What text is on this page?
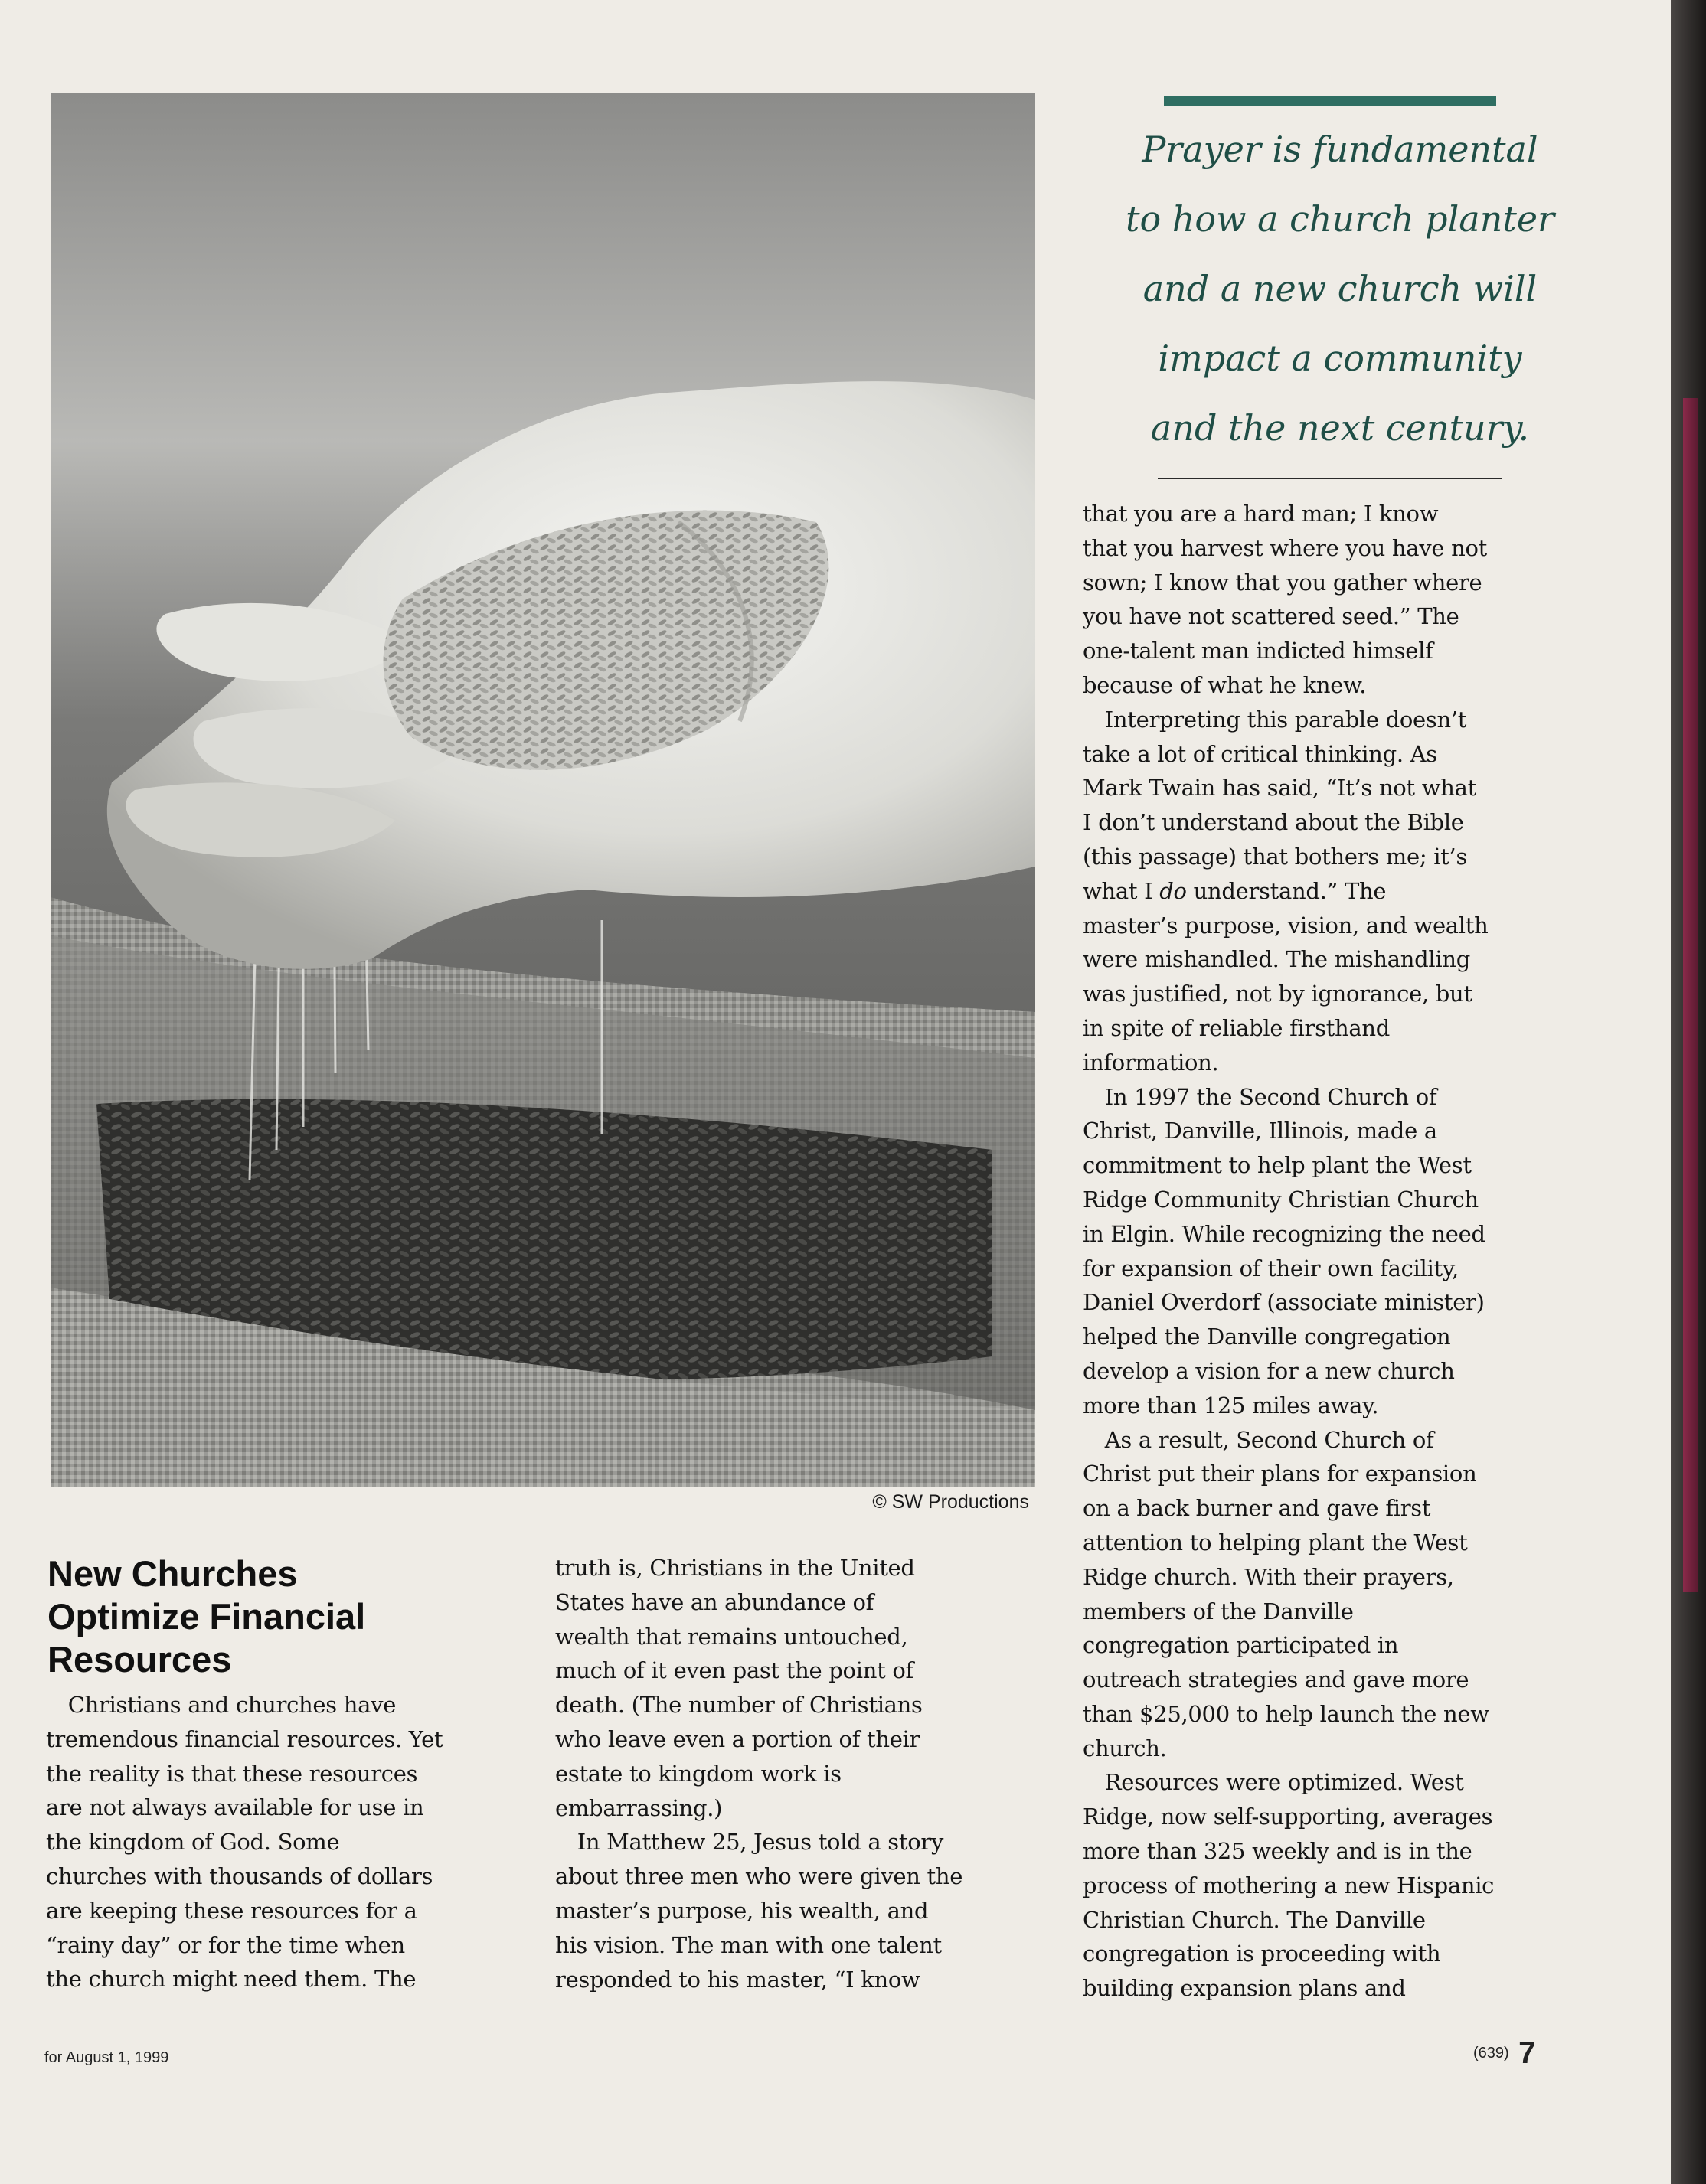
© SW Productions
Prayer is fundamental
to how a church planter
and a new church will
impact a community
and the next century.
New Churches
Optimize Financial
Resources
 Christians and churches have
tremendous financial resources. Yet
the reality is that these resources
are not always available for use in
the kingdom of God. Some
churches with thousands of dollars
are keeping these resources for a
“rainy day” or for the time when
the church might need them. The
truth is, Christians in the United
States have an abundance of
wealth that remains untouched,
much of it even past the point of
death. (The number of Christians
who leave even a portion of their
estate to kingdom work is
embarrassing.)
 In Matthew 25, Jesus told a story
about three men who were given the
master’s purpose, his wealth, and
his vision. The man with one talent
responded to his master, “I know
that you are a hard man; I know
that you harvest where you have not
sown; I know that you gather where
you have not scattered seed.” The
one-talent man indicted himself
because of what he knew.
 Interpreting this parable doesn’t
take a lot of critical thinking. As
Mark Twain has said, “It’s not what
I don’t understand about the Bible
(this passage) that bothers me; it’s
what I do understand.” The
master’s purpose, vision, and wealth
were mishandled. The mishandling
was justified, not by ignorance, but
in spite of reliable firsthand
information.
 In 1997 the Second Church of
Christ, Danville, Illinois, made a
commitment to help plant the West
Ridge Community Christian Church
in Elgin. While recognizing the need
for expansion of their own facility,
Daniel Overdorf (associate minister)
helped the Danville congregation
develop a vision for a new church
more than 125 miles away.
 As a result, Second Church of
Christ put their plans for expansion
on a back burner and gave first
attention to helping plant the West
Ridge church. With their prayers,
members of the Danville
congregation participated in
outreach strategies and gave more
than $25,000 to help launch the new
church.
 Resources were optimized. West
Ridge, now self-supporting, averages
more than 325 weekly and is in the
process of mothering a new Hispanic
Christian Church. The Danville
congregation is proceeding with
building expansion plans and
for August 1, 1999	(639) 7
